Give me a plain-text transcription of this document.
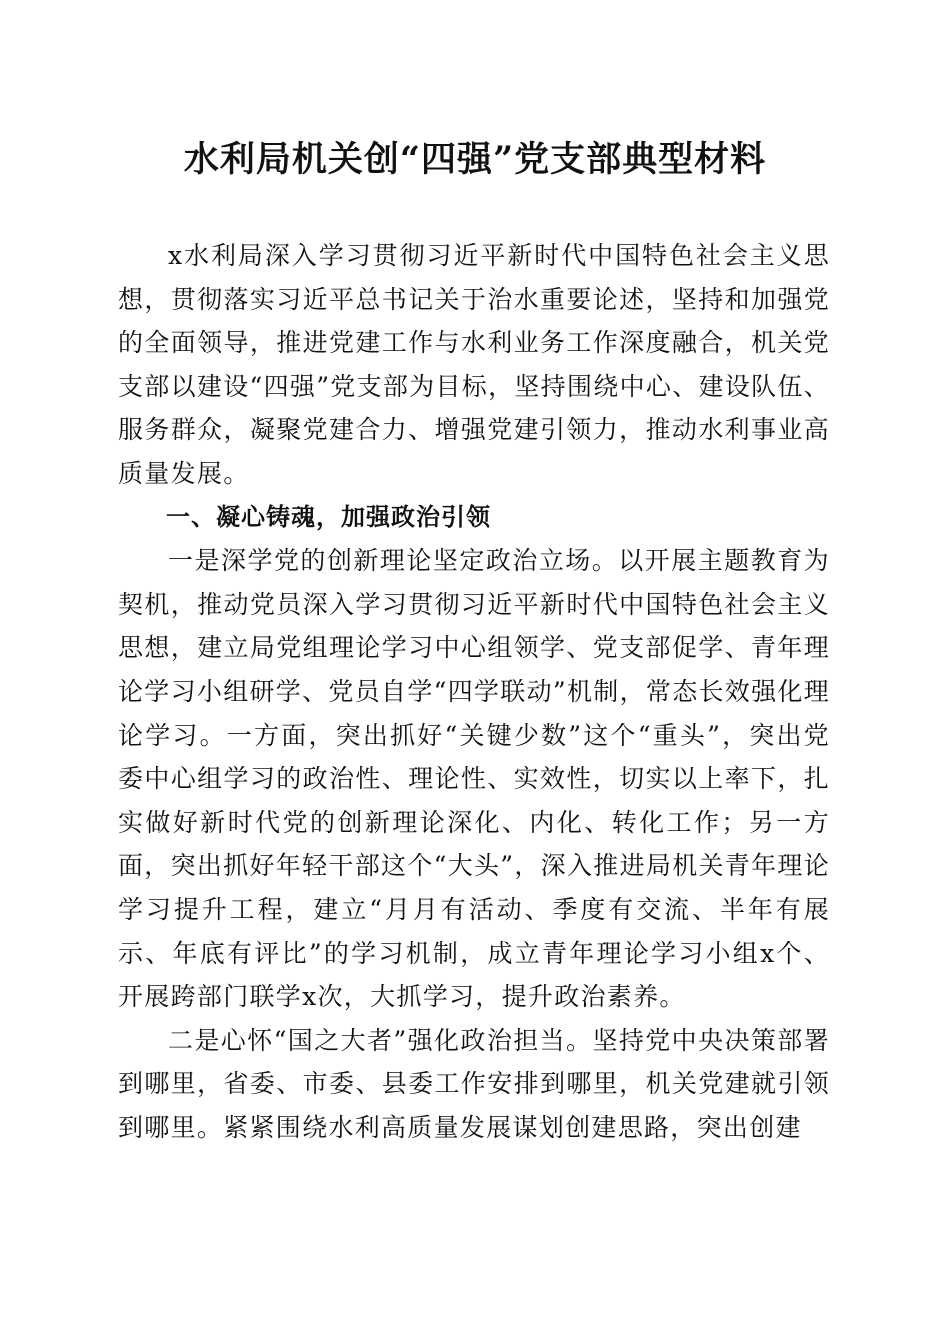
水利局机关创“四强”党支部典型材料

x水利局深入学习贯彻习近平新时代中国特色社会主义思想，贯彻落实习近平总书记关于治水重要论述，坚持和加强党的全面领导，推进党建工作与水利业务工作深度融合，机关党支部以建设“四强”党支部为目标，坚持围绕中心、建设队伍、服务群众，凝聚党建合力、增强党建引领力，推动水利事业高质量发展。

一、凝心铸魂，加强政治引领

一是深学党的创新理论坚定政治立场。以开展主题教育为契机，推动党员深入学习贯彻习近平新时代中国特色社会主义思想，建立局党组理论学习中心组领学、党支部促学、青年理论学习小组研学、党员自学“四学联动”机制，常态长效强化理论学习。一方面，突出抓好“关键少数”这个“重头”，突出党委中心组学习的政治性、理论性、实效性，切实以上率下，扎实做好新时代党的创新理论深化、内化、转化工作；另一方面，突出抓好年轻干部这个“大头”，深入推进局机关青年理论学习提升工程，建立“月月有活动、季度有交流、半年有展示、年底有评比”的学习机制，成立青年理论学习小组x个、开展跨部门联学x次，大抓学习，提升政治素养。

二是心怀“国之大者”强化政治担当。坚持党中央决策部署到哪里，省委、市委、县委工作安排到哪里，机关党建就引领到哪里。紧紧围绕水利高质量发展谋划创建思路，突出创建
